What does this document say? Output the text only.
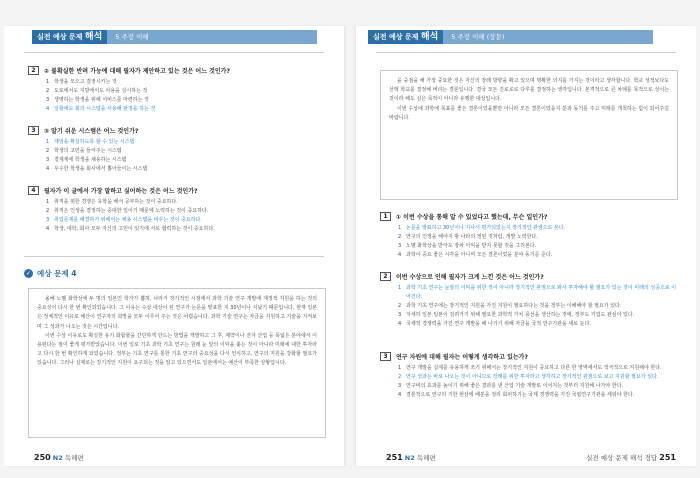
실전 예상 문제 해석	5 주장 이해
2	② 불확실한 반려 가능에 대해 필자가 제안하고 있는 것은 어느 것인가?
1 학생을 모으고 결정시키는 것
2 도로에서도 지방에서도 사용을 실시하는 것
3 생명하는 학생을 위해 서비스를 마련하는 것
4 일할에도 회의 시스템을 사용해 판정을 하는 것
3	③ 알기 쉬운 시스템은 어느 것인가?
1 제임을 확실하도록 할 수 있는 시스템
2 학생의 고민을 들어주는 시스템
3 경제계에 학생을 채용하는 시스템
4 우수한 학생을 회사에서 뽑아들이는 시스템
4	필자가 이 글에서 가장 말하고 싶어하는 것은 어느 것인가?
1 취직을 위한 경쟁은 유학을 해서 공부하는 것이 중요하다.
2 취직은 인생을 결정하는 중대한 일이기 때문에 노력하는 것이 중요하다.
3 취업문제를 해결하기 위해서는 채용 시스템을 바꾸는 것이 중요하다.
4 학생, 대학, 회사 모두 자신의 고민이 있기에 서로 협력하는 것이 중요하다.
✓ 예상 문제 4

올해 노벨 화학상에 두 명의 일본인 학자가 뽑혀, 나라가 장기적인 시점에서 과학 기술 연구 개발에 재정적 지원을 하는 것의 중요성이 다시 한 번 확인되었습니다. 그 이유는 수상 대상이 된 연구가 논문을 발표한 지 30년이나 지났기 때문입니다. 현재 일본은 정체적인 이유로 예산이 연구자의 희망을 모두 이루어 주는 것은 어렵습니다. 과학 기술 연구는 자금을 지원하고 기술을 지켜보며 그 성과가 나오는 것은 시간입니다.

이번 수상 이유로도 확실한 유기 화합물을 간단하게 만드는 방법을 개발하고 그 후, 제약이나 전자 산업 등 폭넓은 분야에서 이용된다는 점이 좋게 평가받았습니다. 이번 일로 기초 과학 기초 연구는 원래 눈 앞의 이익을 좇는 것이 아니라 미래에 대한 투자라고 다시 한 번 확인하게 되었습니다. 정부는 기초 연구를 통한 기초 연구의 중요성을 다시 인식하고, 연구의 지원을 강화할 필요가 있습니다. 그러나 실제로는 장기적인 지원이 요구되는 것을 알고 있으면서도 일본에서는 예산이 부족한 상황입니다.

250 N2 독해편
실전 예상 문제 해석	5 주장 이해 (장문)

을 중점을 해 가장 중요한 것은 자신의 장래 방향을 확고 있으며 명확한 의지를 가지는 것이라고 생각합니다. 학교 성적보다도 선택 학교를 결정해 버리는 결론입니다. 결국 모든 진로로로 다루를 결정하는 생각입니다. 본격적으로 큰 차례를 목적으로 성이는 것이라 해도 실은 목적이 아니라 유행한 대상입니다.

이번 수상에 과학에 목표를 좋은 결론이었을뿐만 아니라 모든 결론이었을지 분과 동기를 주고 미래를 개척하는 힘이 되어주길 바랍니다.

1	① 이번 수상을 통해 알 수 있었다고 했는데, 무슨 일인가?
1 논문을 발표하고 30년이나 지나서 평가되었는지 장기적인 관점으로 본다.
2 연구의 인정을 해야지 밖 나라의 정된 것처럼, 개발 노력한다.
3 노벨 화학상을 받아도 장차 이익을 받지 못할 것을 그리본다.
4 과학이 중요 좋은 시각을 아니며 모든 결론이었을 분야 동기를 준다.
2	이번 수상으로 인해 필자가 크게 느낀 것은 어느 것인가?
1 과학 기초 연구는 눈앞의 이익을 위한 것이 아니라 장기적인 관점으로 봐서 투자해야 할 필요가 있는 것이 미래의 성공으로 이어진다.
2 과학 기초 연구에는 장기적인 지원을 가진 지원이 필요하다는 것을 정부는 이해해야 할 필요가 있다.
3 자세히 일본 일본이 걸려가기 위해 필요한 과학적 가치 풍선을 생산하는 것에, 정부도 기업도 관심이 있다.
4 국제적 경쟁력을 가진 연구 개발을 해 나가기 위해 자금을 국적 연구기관을 새로 둔다.
3	연구 자원에 대해 필자는 어떻게 생각하고 있는가?
1 연구 개발을 실제를 유용하게 쓰기 위해서는 장기적인 지원이 중요하고 다른 한 영역에서도 적극적으로 지원해야 한다.
2 연구 성과는 바로 나오는 것이 아니므로 장래를 위한 투자라고 생각하고 장기적인 관점으로 보고 지원할 필요가 있다.
3 연구비의 효과를 높이기 위해 좋은 결과를 낸 산업 기술 개발로 이어지는 것부터 지원해 나가야 한다.
4 결론적으로 연구의 기한 현상에 배분을 정리 회피하기는 국제 경쟁력을 가진 국립연구기관을 세워야 한다.
251 N2 독해편	실전 예상 문제 해석 정답 251
